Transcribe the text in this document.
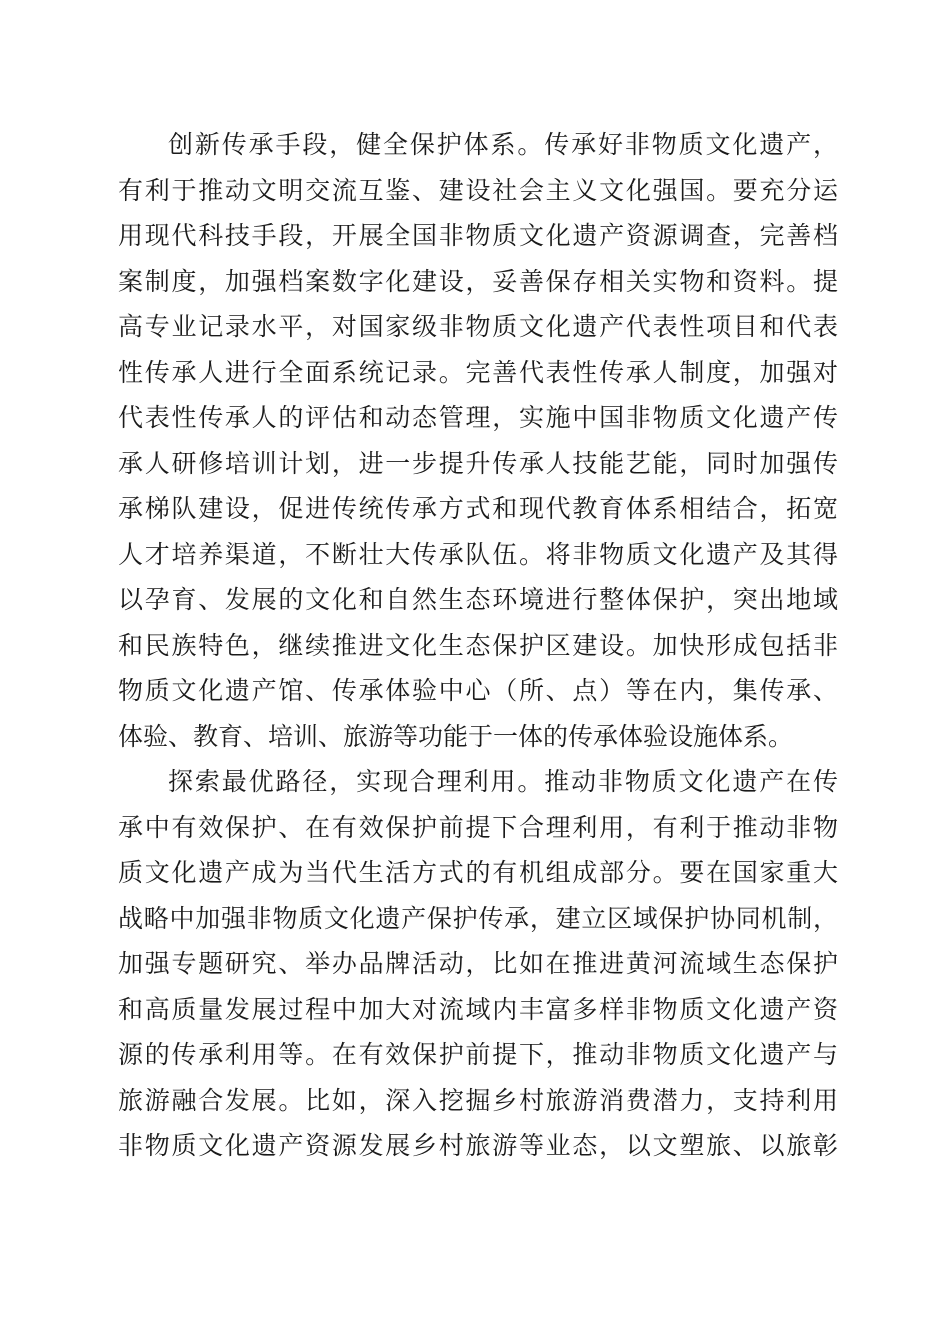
创新传承手段，健全保护体系。传承好非物质文化遗产，
有利于推动文明交流互鉴、建设社会主义文化强国。要充分运
用现代科技手段，开展全国非物质文化遗产资源调查，完善档
案制度，加强档案数字化建设，妥善保存相关实物和资料。提
高专业记录水平，对国家级非物质文化遗产代表性项目和代表
性传承人进行全面系统记录。完善代表性传承人制度，加强对
代表性传承人的评估和动态管理，实施中国非物质文化遗产传
承人研修培训计划，进一步提升传承人技能艺能，同时加强传
承梯队建设，促进传统传承方式和现代教育体系相结合，拓宽
人才培养渠道，不断壮大传承队伍。将非物质文化遗产及其得
以孕育、发展的文化和自然生态环境进行整体保护，突出地域
和民族特色，继续推进文化生态保护区建设。加快形成包括非
物质文化遗产馆、传承体验中心（所、点）等在内，集传承、
体验、教育、培训、旅游等功能于一体的传承体验设施体系。
探索最优路径，实现合理利用。推动非物质文化遗产在传
承中有效保护、在有效保护前提下合理利用，有利于推动非物
质文化遗产成为当代生活方式的有机组成部分。要在国家重大
战略中加强非物质文化遗产保护传承，建立区域保护协同机制，
加强专题研究、举办品牌活动，比如在推进黄河流域生态保护
和高质量发展过程中加大对流域内丰富多样非物质文化遗产资
源的传承利用等。在有效保护前提下，推动非物质文化遗产与
旅游融合发展。比如，深入挖掘乡村旅游消费潜力，支持利用
非物质文化遗产资源发展乡村旅游等业态，以文塑旅、以旅彰
